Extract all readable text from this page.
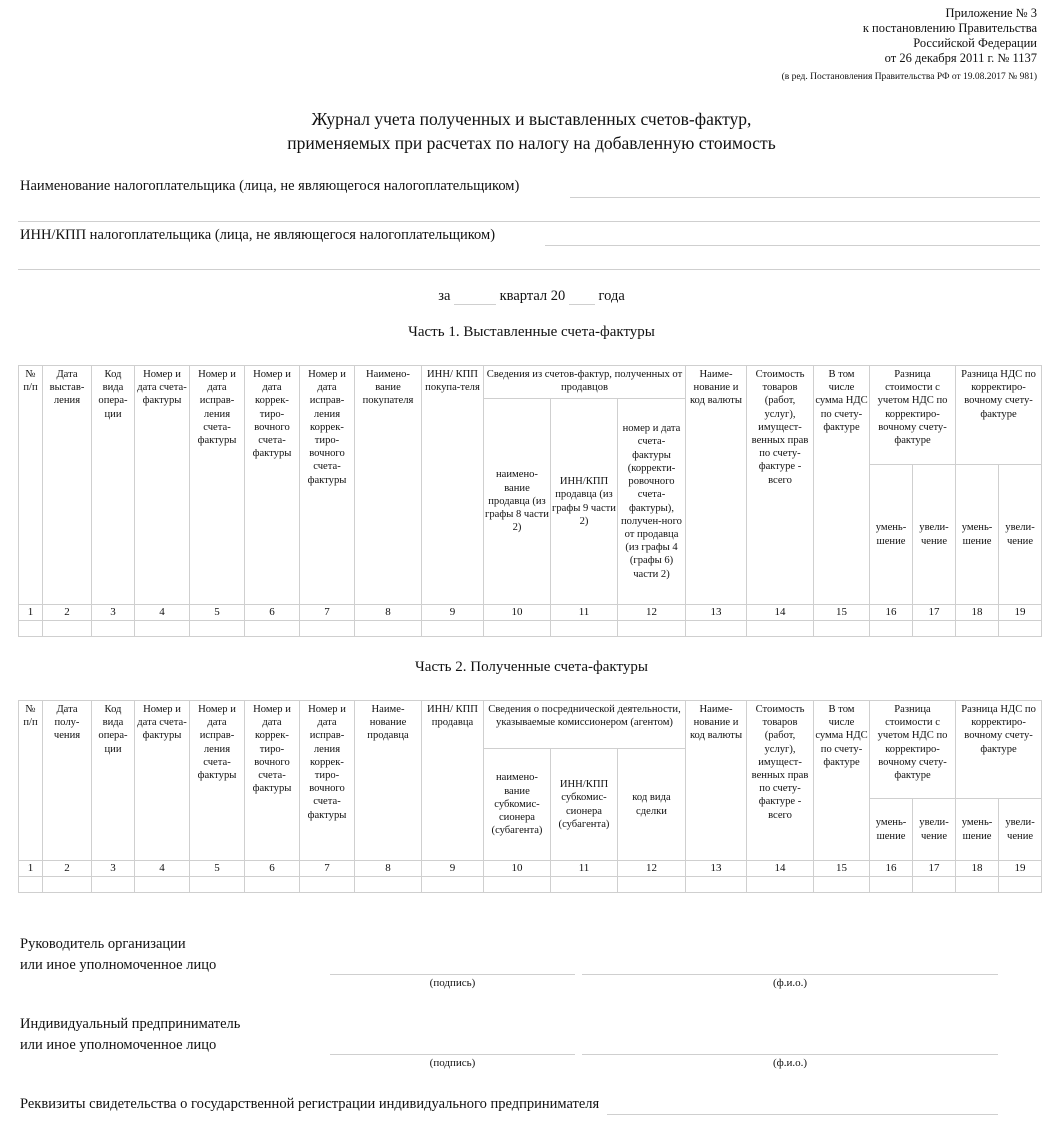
Приложение № 3
к постановлению Правительства
Российской Федерации
от 26 декабря 2011 г. № 1137
(в ред. Постановления Правительства РФ от 19.08.2017 № 981)
Журнал учета полученных и выставленных счетов-фактур,
применяемых при расчетах по налогу на добавленную стоимость
Наименование налогоплательщика (лица, не являющегося налогоплательщиком)
ИНН/КПП налогоплательщика (лица, не являющегося налогоплательщиком)
за	квартал 20 года
Часть 1. Выставленные счета-фактуры
№ п/п	Дата выстав-ления	Код вида опера-ции	Номер и дата счета-фактуры	Номер и дата исправ-ления счета-фактуры	Номер и дата коррек-тиро-вочного счета-фактуры	Номер и дата исправ-ления коррек-тиро-вочного счета-фактуры	Наимено-вание покупателя	ИНН/ КПП покупа-теля	Сведения из счетов-фактур, полученных от продавцов			Наиме-нование и код валюты	Стоимость товаров (работ, услуг), имущест-венных прав по счету-фактуре - всего	В том числе сумма НДС по счету-фактуре	Разница стоимости с учетом НДС по корректиро-вочному счету-фактуре		Разница НДС по корректиро-вочному счету-фактуре	
									наимено-вание продавца (из графы 8 части 2)	ИНН/КПП продавца (из графы 9 части 2)	номер и дата счета-фактуры (корректи-ровочного счета-фактуры), получен-ного от продавца (из графы 4 (графы 6) части 2)							
															умень-шение	увели-чение	умень-шение	увели-чение
1	2	3	4	5	6	7	8	9	10	11	12	13	14	15	16	17	18	19

Часть 2. Полученные счета-фактуры
№ п/п	Дата полу-чения	Код вида опера-ции	Номер и дата счета-фактуры	Номер и дата исправ-ления счета-фактуры	Номер и дата коррек-тиро-вочного счета-фактуры	Номер и дата исправ-ления коррек-тиро-вочного счета-фактуры	Наиме-нование продавца	ИНН/ КПП продавца	Сведения о посреднической деятельности, указываемые комиссионером (агентом)			Наиме-нование и код валюты	Стоимость товаров (работ, услуг), имущест-венных прав по счету-фактуре - всего	В том числе сумма НДС по счету-фактуре	Разница стоимости с учетом НДС по корректиро-вочному счету-фактуре		Разница НДС по корректиро-вочному счету-фактуре	
									наимено-вание субкомис-сионера (субагента)	ИНН/КПП субкомис-сионера (субагента)	код вида сделки							
															умень-шение	увели-чение	умень-шение	увели-чение
1	2	3	4	5	6	7	8	9	10	11	12	13	14	15	16	17	18	19

Руководитель организации
или иное уполномоченное лицо
(подпись)	(ф.и.о.)
Индивидуальный предприниматель
или иное уполномоченное лицо
(подпись)	(ф.и.о.)
Реквизиты свидетельства о государственной регистрации индивидуального предпринимателя
